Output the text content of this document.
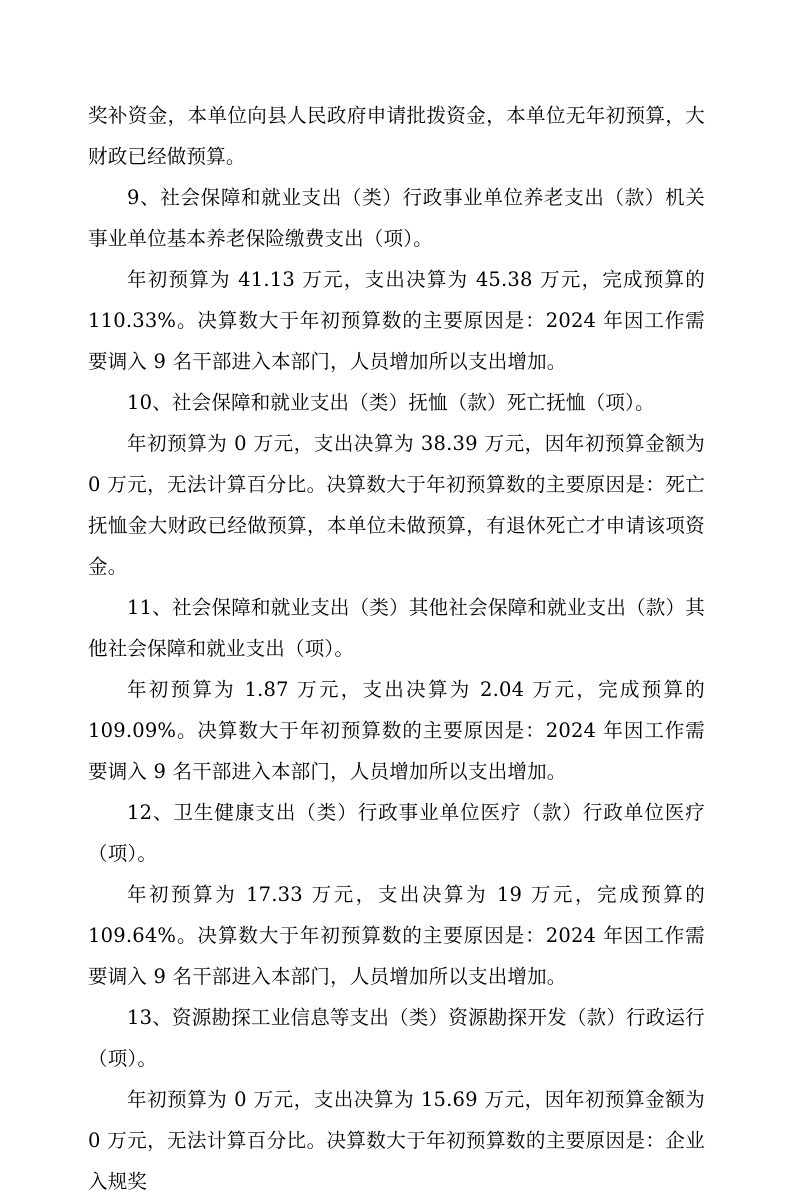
奖补资金，本单位向县人民政府申请批拨资金，本单位无年初预算，大财政已经做预算。

9、社会保障和就业支出（类）行政事业单位养老支出（款）机关事业单位基本养老保险缴费支出（项）。

年初预算为 41.13 万元，支出决算为 45.38 万元，完成预算的 110.33%。决算数大于年初预算数的主要原因是：2024 年因工作需要调入 9 名干部进入本部门，人员增加所以支出增加。

10、社会保障和就业支出（类）抚恤（款）死亡抚恤（项）。

年初预算为 0 万元，支出决算为 38.39 万元，因年初预算金额为 0 万元，无法计算百分比。决算数大于年初预算数的主要原因是：死亡抚恤金大财政已经做预算，本单位未做预算，有退休死亡才申请该项资金。

11、社会保障和就业支出（类）其他社会保障和就业支出（款）其他社会保障和就业支出（项）。

年初预算为 1.87 万元，支出决算为 2.04 万元，完成预算的 109.09%。决算数大于年初预算数的主要原因是：2024 年因工作需要调入 9 名干部进入本部门，人员增加所以支出增加。

12、卫生健康支出（类）行政事业单位医疗（款）行政单位医疗（项）。

年初预算为 17.33 万元，支出决算为 19 万元，完成预算的 109.64%。决算数大于年初预算数的主要原因是：2024 年因工作需要调入 9 名干部进入本部门，人员增加所以支出增加。

13、资源勘探工业信息等支出（类）资源勘探开发（款）行政运行（项）。

年初预算为 0 万元，支出决算为 15.69 万元，因年初预算金额为 0 万元，无法计算百分比。决算数大于年初预算数的主要原因是：企业入规奖
